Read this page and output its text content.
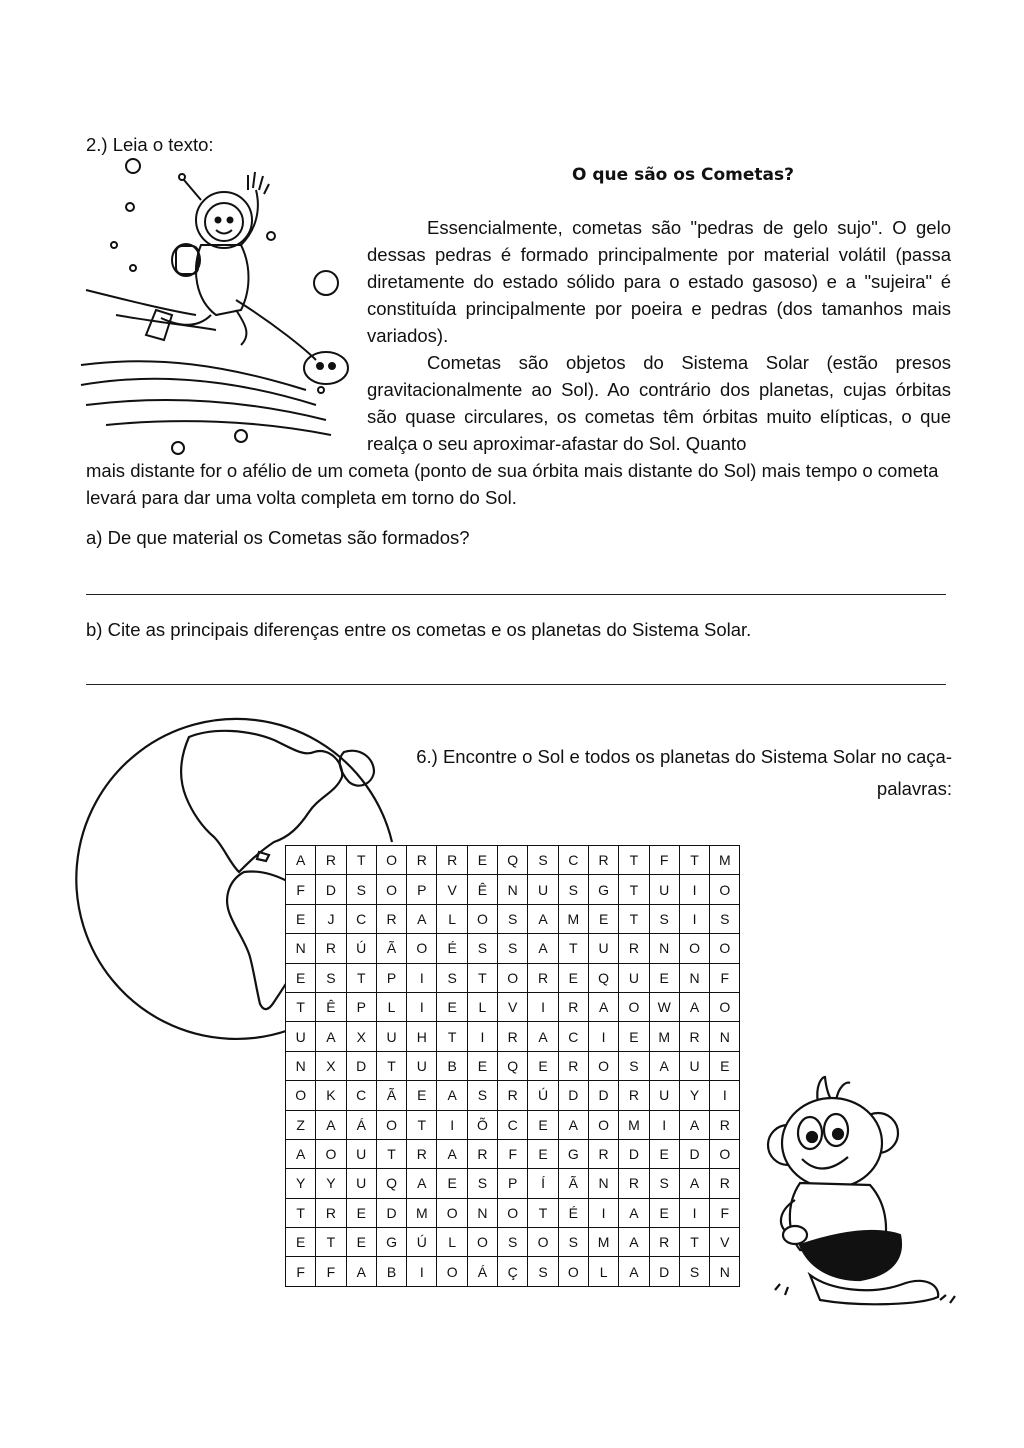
2.) Leia o texto:
O que são os Cometas?
Essencialmente, cometas são "pedras de gelo sujo". O gelo dessas pedras é formado principalmente por material volátil (passa diretamente do estado sólido para o estado gasoso) e a "sujeira" é constituída principalmente por poeira e pedras (dos tamanhos mais variados).
Cometas são objetos do Sistema Solar (estão presos gravitacionalmente ao Sol). Ao contrário dos planetas, cujas órbitas são quase circulares, os cometas têm órbitas muito elípticas, o que realça o seu aproximar-afastar do Sol. Quanto
mais distante for o afélio de um cometa (ponto de sua órbita mais distante do Sol) mais tempo o cometa levará para dar uma volta completa em torno do Sol.
a) De que material os Cometas são formados?
b) Cite as principais diferenças entre os cometas e os planetas do Sistema Solar.
6.) Encontre o Sol e todos os planetas do Sistema Solar no caça-palavras:
A	R	T	O	R	R	E	Q	S	C	R	T	F	T	M
F	D	S	O	P	V	Ê	N	U	S	G	T	U	I	O
E	J	C	R	A	L	O	S	A	M	E	T	S	I	S
N	R	Ú	Ã	O	É	S	S	A	T	U	R	N	O	O
E	S	T	P	I	S	T	O	R	E	Q	U	E	N	F
T	Ê	P	L	I	E	L	V	I	R	A	O	W	A	O
U	A	X	U	H	T	I	R	A	C	I	E	M	R	N
N	X	D	T	U	B	E	Q	E	R	O	S	A	U	E
O	K	C	Ã	E	A	S	R	Ú	D	D	R	U	Y	I
Z	A	Á	O	T	I	Õ	C	E	A	O	M	I	A	R
A	O	U	T	R	A	R	F	E	G	R	D	E	D	O
Y	Y	U	Q	A	E	S	P	Í	Ã	N	R	S	A	R
T	R	E	D	M	O	N	O	T	É	I	A	E	I	F
E	T	E	G	Ú	L	O	S	O	S	M	A	R	T	V
F	F	A	B	I	O	Á	Ç	S	O	L	A	D	S	N
